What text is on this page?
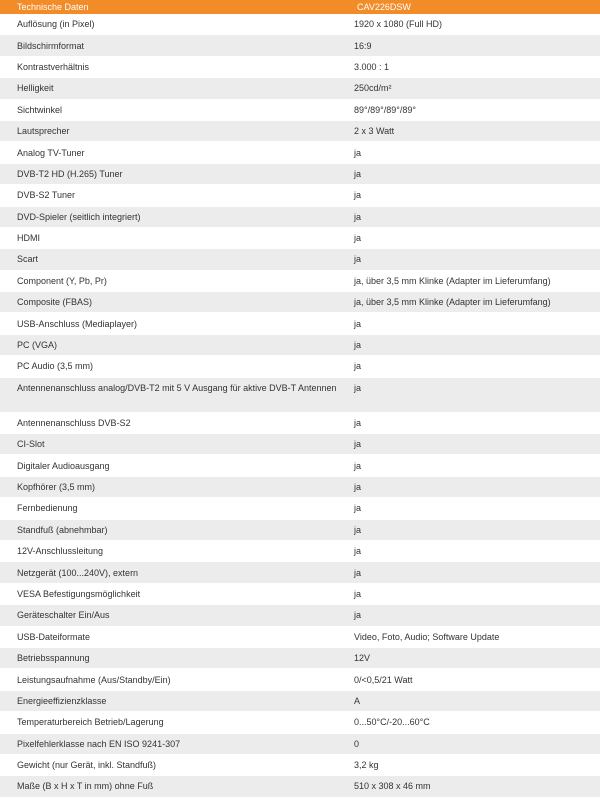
Technische Daten	CAV226DSW
Auflösung (in Pixel)	1920 x 1080 (Full HD)
Bildschirmformat	16:9
Kontrastverhältnis	3.000 : 1
Helligkeit	250cd/m²
Sichtwinkel	89°/89°/89°/89°
Lautsprecher	2 x 3 Watt
Analog TV-Tuner	ja
DVB-T2 HD (H.265) Tuner	ja
DVB-S2 Tuner	ja
DVD-Spieler (seitlich integriert)	ja
HDMI	ja
Scart	ja
Component (Y, Pb, Pr)	ja, über 3,5 mm Klinke (Adapter im Lieferumfang)
Composite (FBAS)	ja, über 3,5 mm Klinke (Adapter im Lieferumfang)
USB-Anschluss (Mediaplayer)	ja
PC (VGA)	ja
PC Audio (3,5 mm)	ja
Antennenanschluss analog/DVB-T2 mit 5 V Ausgang für aktive DVB-T Antennen	ja
Antennenanschluss DVB-S2	ja
CI-Slot	ja
Digitaler Audioausgang	ja
Kopfhörer (3,5 mm)	ja
Fernbedienung	ja
Standfuß (abnehmbar)	ja
12V-Anschlussleitung	ja
Netzgerät (100...240V), extern	ja
VESA Befestigungsmöglichkeit	ja
Geräteschalter Ein/Aus	ja
USB-Dateiformate	Video, Foto, Audio; Software Update
Betriebsspannung	12V
Leistungsaufnahme (Aus/Standby/Ein)	0/<0,5/21 Watt
Energieeffizienzklasse	A
Temperaturbereich Betrieb/Lagerung	0...50°C/-20...60°C
Pixelfehlerklasse nach EN ISO 9241-307	0
Gewicht (nur Gerät, inkl. Standfuß)	3,2 kg
Maße (B x H x T in mm) ohne Fuß	510 x 308 x 46 mm
